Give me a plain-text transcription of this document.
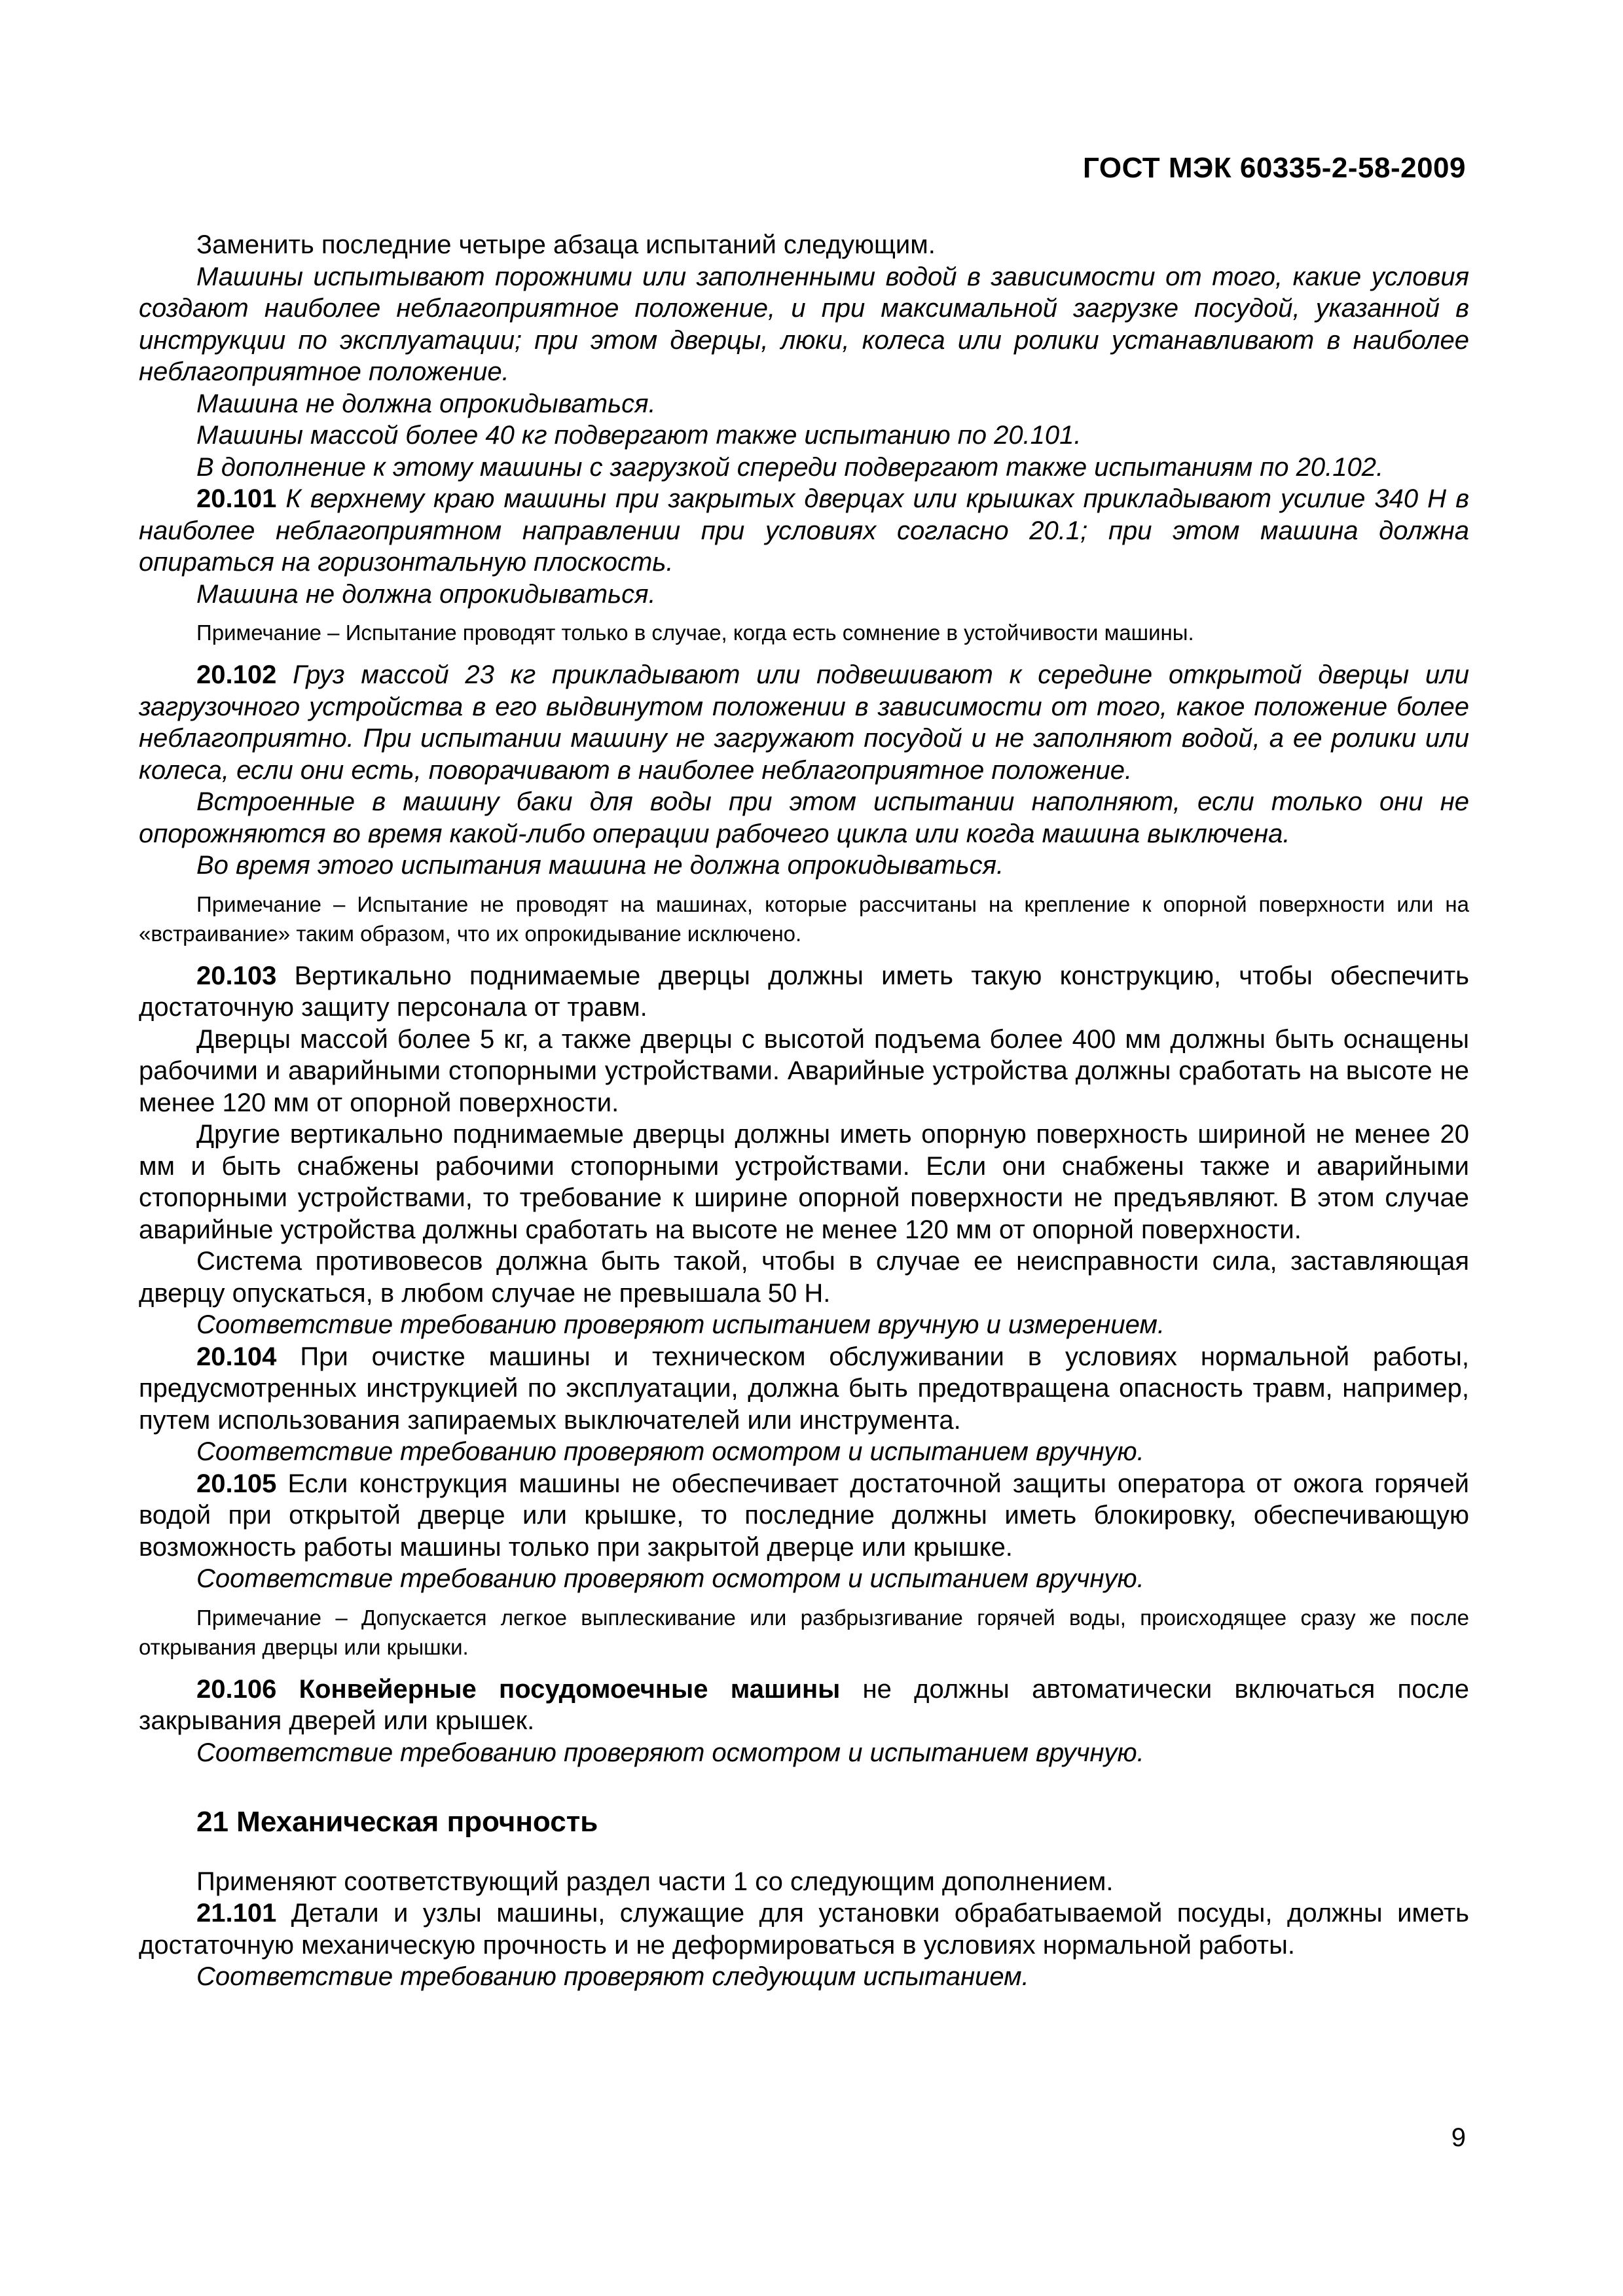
ГОСТ МЭК 60335-2-58-2009

Заменить последние четыре абзаца испытаний следующим.

Машины испытывают порожними или заполненными водой в зависимости от того, какие условия создают наиболее неблагоприятное положение, и при максимальной загрузке посудой, указанной в инструкции по эксплуатации; при этом дверцы, люки, колеса или ролики устанавливают в наиболее неблагоприятное положение.

Машина не должна опрокидываться.

Машины массой более 40 кг подвергают также испытанию по 20.101.

В дополнение к этому машины с загрузкой спереди подвергают также испытаниям по 20.102.

20.101 К верхнему краю машины при закрытых дверцах или крышках прикладывают усилие 340 Н в наиболее неблагоприятном направлении при условиях согласно 20.1; при этом машина должна опираться на горизонтальную плоскость.

Машина не должна опрокидываться.

Примечание – Испытание проводят только в случае, когда есть сомнение в устойчивости машины.

20.102 Груз массой 23 кг прикладывают или подвешивают к середине открытой дверцы или загрузочного устройства в его выдвинутом положении в зависимости от того, какое положение более неблагоприятно. При испытании машину не загружают посудой и не заполняют водой, а ее ролики или колеса, если они есть, поворачивают в наиболее неблагоприятное положение.

Встроенные в машину баки для воды при этом испытании наполняют, если только они не опорожняются во время какой-либо операции рабочего цикла или когда машина выключена.

Во время этого испытания машина не должна опрокидываться.

Примечание – Испытание не проводят на машинах, которые рассчитаны на крепление к опорной поверхности или на «встраивание» таким образом, что их опрокидывание исключено.

20.103 Вертикально поднимаемые дверцы должны иметь такую конструкцию, чтобы обеспечить достаточную защиту персонала от травм.

Дверцы массой более 5 кг, а также дверцы с высотой подъема более 400 мм должны быть оснащены рабочими и аварийными стопорными устройствами. Аварийные устройства должны сработать на высоте не менее 120 мм от опорной поверхности.

Другие вертикально поднимаемые дверцы должны иметь опорную поверхность шириной не менее 20 мм и быть снабжены рабочими стопорными устройствами. Если они снабжены также и аварийными стопорными устройствами, то требование к ширине опорной поверхности не предъявляют. В этом случае аварийные устройства должны сработать на высоте не менее 120 мм от опорной поверхности.

Система противовесов должна быть такой, чтобы в случае ее неисправности сила, заставляющая дверцу опускаться, в любом случае не превышала 50 Н.

Соответствие требованию проверяют испытанием вручную и измерением.

20.104 При очистке машины и техническом обслуживании в условиях нормальной работы, предусмотренных инструкцией по эксплуатации, должна быть предотвращена опасность травм, например, путем использования запираемых выключателей или инструмента.

Соответствие требованию проверяют осмотром и испытанием вручную.

20.105 Если конструкция машины не обеспечивает достаточной защиты оператора от ожога горячей водой при открытой дверце или крышке, то последние должны иметь блокировку, обеспечивающую возможность работы машины только при закрытой дверце или крышке.

Соответствие требованию проверяют осмотром и испытанием вручную.

Примечание – Допускается легкое выплескивание или разбрызгивание горячей воды, происходящее сразу же после открывания дверцы или крышки.

20.106 Конвейерные посудомоечные машины не должны автоматически включаться после закрывания дверей или крышек.

Соответствие требованию проверяют осмотром и испытанием вручную.

21 Механическая прочность

Применяют соответствующий раздел части 1 со следующим дополнением.

21.101 Детали и узлы машины, служащие для установки обрабатываемой посуды, должны иметь достаточную механическую прочность и не деформироваться в условиях нормальной работы.

Соответствие требованию проверяют следующим испытанием.

9
